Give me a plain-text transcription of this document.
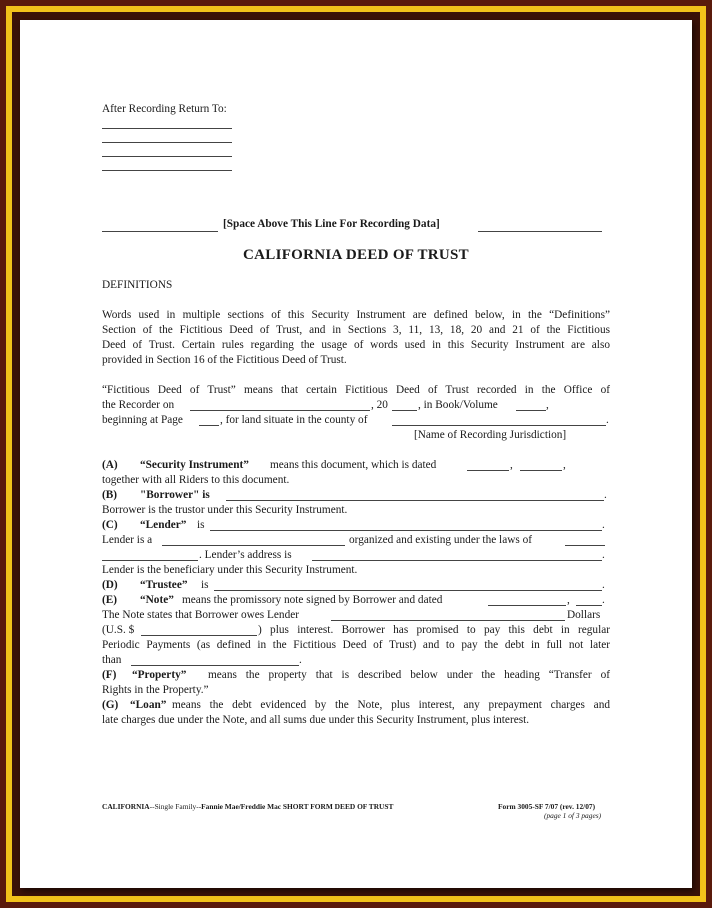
After Recording Return To:
[Space Above This Line For Recording Data]
CALIFORNIA DEED OF TRUST
DEFINITIONS
Words used in multiple sections of this Security Instrument are defined below, in the “Definitions”
Section of the Fictitious Deed of Trust, and in Sections 3, 11, 13, 18, 20 and 21 of the Fictitious
Deed of Trust. Certain rules regarding the usage of words used in this Security Instrument are also
provided in Section 16 of the Fictitious Deed of Trust.
“Fictitious Deed of Trust” means that certain Fictitious Deed of Trust recorded in the Office of
the Recorder on	, 20	, in Book/Volume	,
beginning at Page	, for land situate in the county of	.
[Name of Recording Jurisdiction]
(A) “Security Instrument” means this document, which is dated	,	,
together with all Riders to this document.
(B) "Borrower" is	.
Borrower is the trustor under this Security Instrument.
(C) “Lender” is	.
Lender is a	organized and existing under the laws of
. Lender’s address is	.
Lender is the beneficiary under this Security Instrument.
(D) “Trustee” is	.
(E) “Note” means the promissory note signed by Borrower and dated	,	.
The Note states that Borrower owes Lender	Dollars
(U.S. $	) plus interest. Borrower has promised to pay this debt in regular
Periodic Payments (as defined in the Fictitious Deed of Trust) and to pay the debt in full not later
than	.
(F) “Property” means the property that is described below under the heading “Transfer of
Rights in the Property.”
(G) “Loan” means the debt evidenced by the Note, plus interest, any prepayment charges and
late charges due under the Note, and all sums due under this Security Instrument, plus interest.
CALIFORNIA--Single Family--Fannie Mae/Freddie Mac SHORT FORM DEED OF TRUST	Form 3005-SF 7/07 (rev. 12/07)
(page 1 of 3 pages)
